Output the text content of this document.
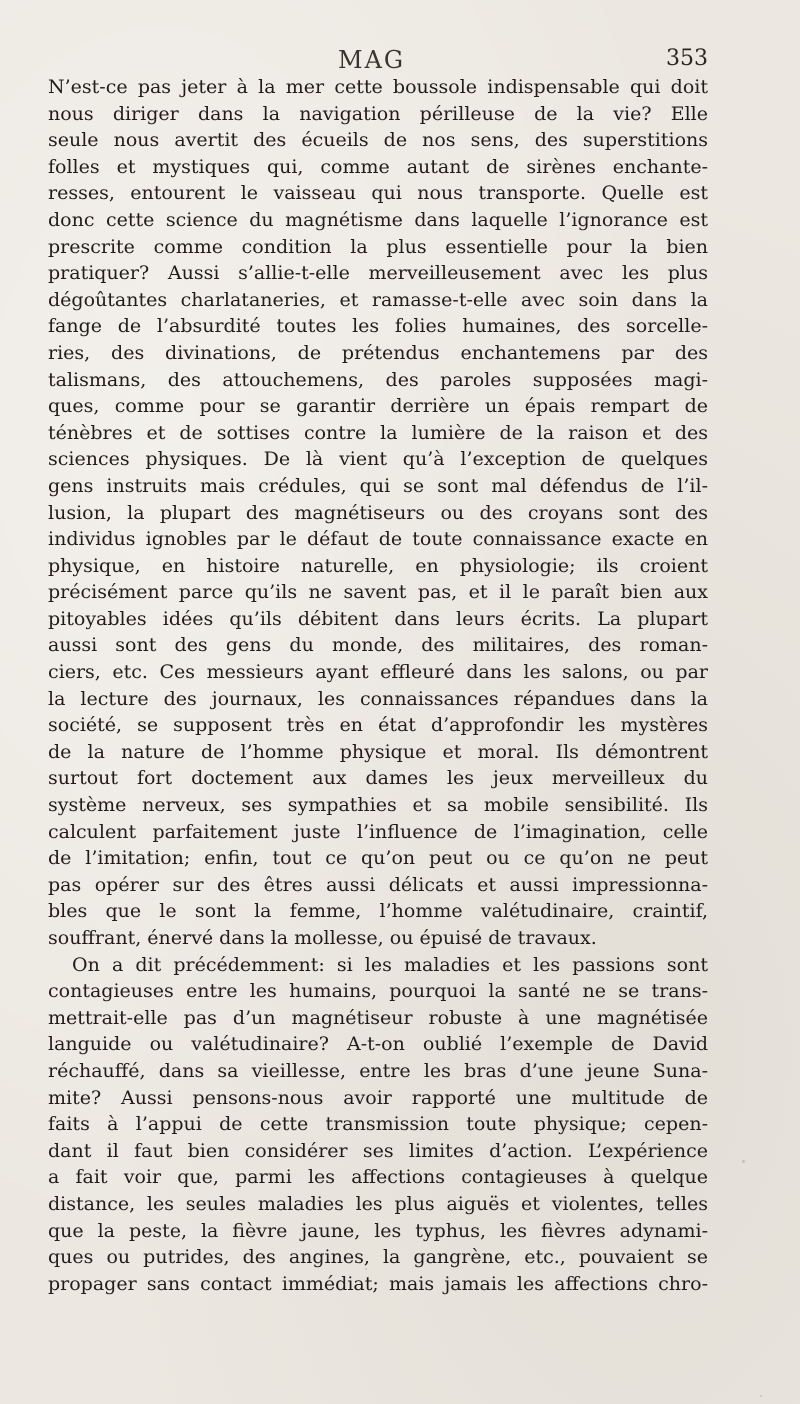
MAG	353
N’est-ce pas jeter à la mer cette boussole indispensable qui doit
nous diriger dans la navigation périlleuse de la vie? Elle
seule nous avertit des écueils de nos sens, des superstitions
folles et mystiques qui, comme autant de sirènes enchante-
resses, entourent le vaisseau qui nous transporte. Quelle est
donc cette science du magnétisme dans laquelle l’ignorance est
prescrite comme condition la plus essentielle pour la bien
pratiquer? Aussi s’allie-t-elle merveilleusement avec les plus
dégoûtantes charlataneries, et ramasse-t-elle avec soin dans la
fange de l’absurdité toutes les folies humaines, des sorcelle-
ries, des divinations, de prétendus enchantemens par des
talismans, des attouchemens, des paroles supposées magi-
ques, comme pour se garantir derrière un épais rempart de
ténèbres et de sottises contre la lumière de la raison et des
sciences physiques. De là vient qu’à l’exception de quelques
gens instruits mais crédules, qui se sont mal défendus de l’il-
lusion, la plupart des magnétiseurs ou des croyans sont des
individus ignobles par le défaut de toute connaissance exacte en
physique, en histoire naturelle, en physiologie; ils croient
précisément parce qu’ils ne savent pas, et il le paraît bien aux
pitoyables idées qu’ils débitent dans leurs écrits. La plupart
aussi sont des gens du monde, des militaires, des roman-
ciers, etc. Ces messieurs ayant effleuré dans les salons, ou par
la lecture des journaux, les connaissances répandues dans la
société, se supposent très en état d’approfondir les mystères
de la nature de l’homme physique et moral. Ils démontrent
surtout fort doctement aux dames les jeux merveilleux du
système nerveux, ses sympathies et sa mobile sensibilité. Ils
calculent parfaitement juste l’influence de l’imagination, celle
de l’imitation; enfin, tout ce qu’on peut ou ce qu’on ne peut
pas opérer sur des êtres aussi délicats et aussi impressionna-
bles que le sont la femme, l’homme valétudinaire, craintif,
souffrant, énervé dans la mollesse, ou épuisé de travaux.
On a dit précédemment: si les maladies et les passions sont
contagieuses entre les humains, pourquoi la santé ne se trans-
mettrait-elle pas d’un magnétiseur robuste à une magnétisée
languide ou valétudinaire? A-t-on oublié l’exemple de David
réchauffé, dans sa vieillesse, entre les bras d’une jeune Suna-
mite? Aussi pensons-nous avoir rapporté une multitude de
faits à l’appui de cette transmission toute physique; cepen-
dant il faut bien considérer ses limites d’action. L’expérience
a fait voir que, parmi les affections contagieuses à quelque
distance, les seules maladies les plus aiguës et violentes, telles
que la peste, la fièvre jaune, les typhus, les fièvres adynami-
ques ou putrides, des angines, la gangrène, etc., pouvaient se
propager sans contact immédiat; mais jamais les affections chro-
